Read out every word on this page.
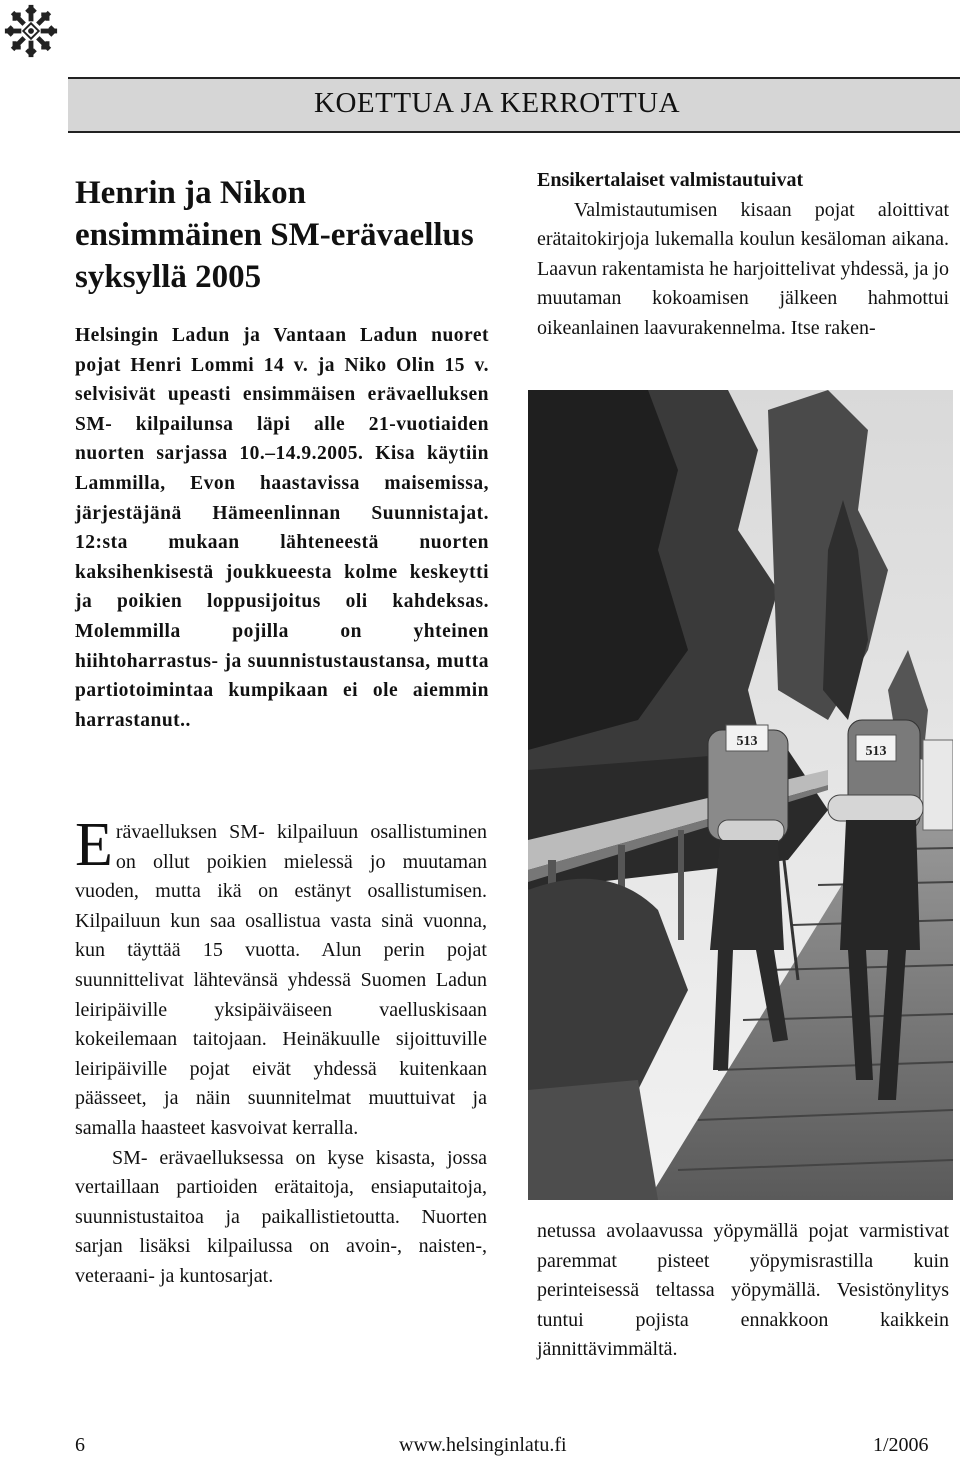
KOETTUA JA KERROTTUA
Henrin ja Nikon ensimmäinen SM-erävaellus syksyllä 2005
Helsingin Ladun ja Vantaan Ladun nuoret pojat Henri Lommi 14 v. ja Niko Olin 15 v. selvisivät upeasti ensimmäisen erävaelluksen SM- kilpailunsa läpi alle 21-vuotiaiden nuorten sarjassa 10.–14.9.2005. Kisa käytiin Lammilla, Evon haastavissa maisemissa, järjestäjänä Hämeenlinnan Suunnistajat. 12:sta mukaan lähteneestä nuorten kaksihenkisestä joukkueesta kolme keskeytti ja poikien loppusijoitus oli kahdeksas. Molemmilla pojilla on yhteinen hiihtoharrastus- ja suunnistustaustansa, mutta partiotoimintaa kumpikaan ei ole aiemmin harrastanut..

Erävaelluksen SM- kilpailuun osallistuminen on ollut poikien mielessä jo muutaman vuoden, mutta ikä on estänyt osallistumisen. Kilpailuun kun saa osallistua vasta sinä vuonna, kun täyttää 15 vuotta. Alun perin pojat suunnittelivat lähtevänsä yhdessä Suomen Ladun leiripäiville yksipäiväiseen vaelluskisaan kokeilemaan taitojaan. Heinäkuulle sijoittuville leiripäiville pojat eivät yhdessä kuitenkaan päässeet, ja näin suunnitelmat muuttuivat ja samalla haasteet kasvoivat kerralla.

SM- erävaelluksessa on kyse kisasta, jossa vertaillaan partioiden erätaitoja, ensiaputaitoja, suunnistustaitoa ja paikallistietoutta. Nuorten sarjan lisäksi kilpailussa on avoin-, naisten-, veteraani- ja kuntosarjat.

Ensikertalaiset valmistautuivat

Valmistautumisen kisaan pojat aloittivat erätaitokirjoja lukemalla koulun kesäloman aikana. Laavun rakentamista he harjoittelivat yhdessä, ja jo muutaman kokoamisen jälkeen hahmottui oikeanlainen laavurakennelma. Itse raken-

513
513
netussa avolaavussa yöpymällä pojat varmistivat paremmat pisteet yöpymisrastilla kuin perinteisessä teltassa yöpymällä. Vesistönylitys tuntui pojista ennakkoon kaikkein jännittävimmältä.
6	www.helsinginlatu.fi	1/2006
